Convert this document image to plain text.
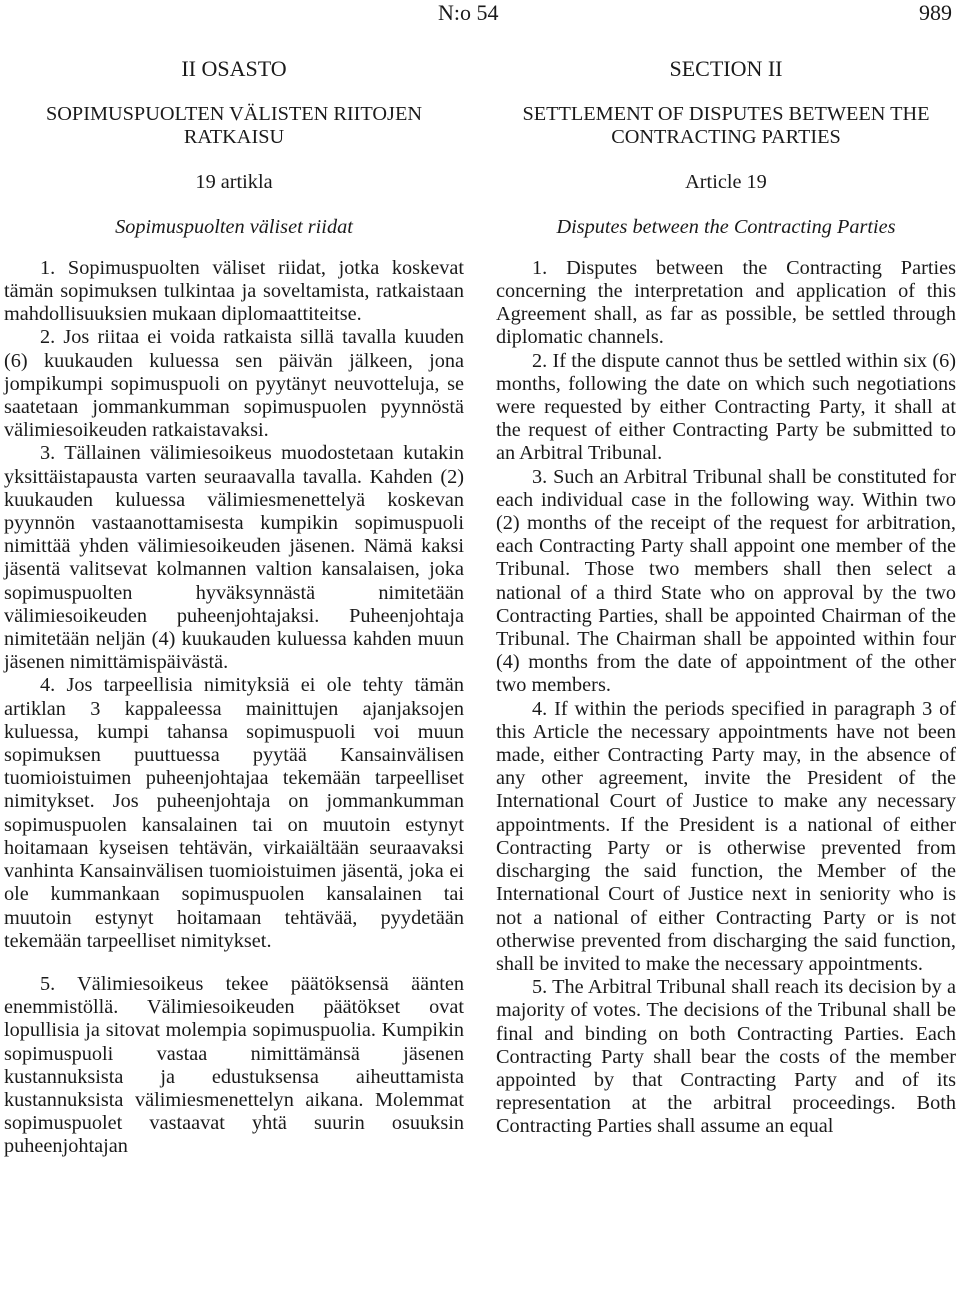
N:o 54	989

II OSASTO

SOPIMUSPUOLTEN VÄLISTEN RIITOJEN RATKAISU

19 artikla

Sopimuspuolten väliset riidat

1. Sopimuspuolten väliset riidat, jotka koskevat tämän sopimuksen tulkintaa ja soveltamista, ratkaistaan mahdollisuuksien mukaan diplomaattiteitse.

2. Jos riitaa ei voida ratkaista sillä tavalla kuuden (6) kuukauden kuluessa sen päivän jälkeen, jona jompikumpi sopimuspuoli on pyytänyt neuvotteluja, se saatetaan jommankumman sopimuspuolen pyynnöstä välimiesoikeuden ratkaistavaksi.

3. Tällainen välimiesoikeus muodostetaan kutakin yksittäistapausta varten seuraavalla tavalla. Kahden (2) kuukauden kuluessa välimiesmenettelyä koskevan pyynnön vastaanottamisesta kumpikin sopimuspuoli nimittää yhden välimiesoikeuden jäsenen. Nämä kaksi jäsentä valitsevat kolmannen valtion kansalaisen, joka sopimuspuolten hyväksynnästä nimitetään välimiesoikeuden puheenjohtajaksi. Puheenjohtaja nimitetään neljän (4) kuukauden kuluessa kahden muun jäsenen nimittämispäivästä.

4. Jos tarpeellisia nimityksiä ei ole tehty tämän artiklan 3 kappaleessa mainittujen ajanjaksojen kuluessa, kumpi tahansa sopimuspuoli voi muun sopimuksen puuttuessa pyytää Kansainvälisen tuomioistuimen puheenjohtajaa tekemään tarpeelliset nimitykset. Jos puheenjohtaja on jommankumman sopimuspuolen kansalainen tai on muutoin estynyt hoitamaan kyseisen tehtävän, virkaiältään seuraavaksi vanhinta Kansainvälisen tuomioistuimen jäsentä, joka ei ole kummankaan sopimuspuolen kansalainen tai muutoin estynyt hoitamaan tehtävää, pyydetään tekemään tarpeelliset nimitykset.

5. Välimiesoikeus tekee päätöksensä äänten enemmistöllä. Välimiesoikeuden päätökset ovat lopullisia ja sitovat molempia sopimuspuolia. Kumpikin sopimuspuoli vastaa nimittämänsä jäsenen kustannuksista ja edustuksensa aiheuttamista kustannuksista välimiesmenettelyn aikana. Molemmat sopimuspuolet vastaavat yhtä suurin osuuksin puheenjohtajan

SECTION II

SETTLEMENT OF DISPUTES BETWEEN THE CONTRACTING PARTIES

Article 19

Disputes between the Contracting Parties

1. Disputes between the Contracting Parties concerning the interpretation and application of this Agreement shall, as far as possible, be settled through diplomatic channels.

2. If the dispute cannot thus be settled within six (6) months, following the date on which such negotiations were requested by either Contracting Party, it shall at the request of either Contracting Party be submitted to an Arbitral Tribunal.

3. Such an Arbitral Tribunal shall be constituted for each individual case in the following way. Within two (2) months of the receipt of the request for arbitration, each Contracting Party shall appoint one member of the Tribunal. Those two members shall then select a national of a third State who on approval by the two Contracting Parties, shall be appointed Chairman of the Tribunal. The Chairman shall be appointed within four (4) months from the date of appointment of the other two members.

4. If within the periods specified in paragraph 3 of this Article the necessary appointments have not been made, either Contracting Party may, in the absence of any other agreement, invite the President of the International Court of Justice to make any necessary appointments. If the President is a national of either Contracting Party or is otherwise prevented from discharging the said function, the Member of the International Court of Justice next in seniority who is not a national of either Contracting Party or is not otherwise prevented from discharging the said function, shall be invited to make the necessary appointments.

5. The Arbitral Tribunal shall reach its decision by a majority of votes. The decisions of the Tribunal shall be final and binding on both Contracting Parties. Each Contracting Party shall bear the costs of the member appointed by that Contracting Party and of its representation at the arbitral proceedings. Both Contracting Parties shall assume an equal
